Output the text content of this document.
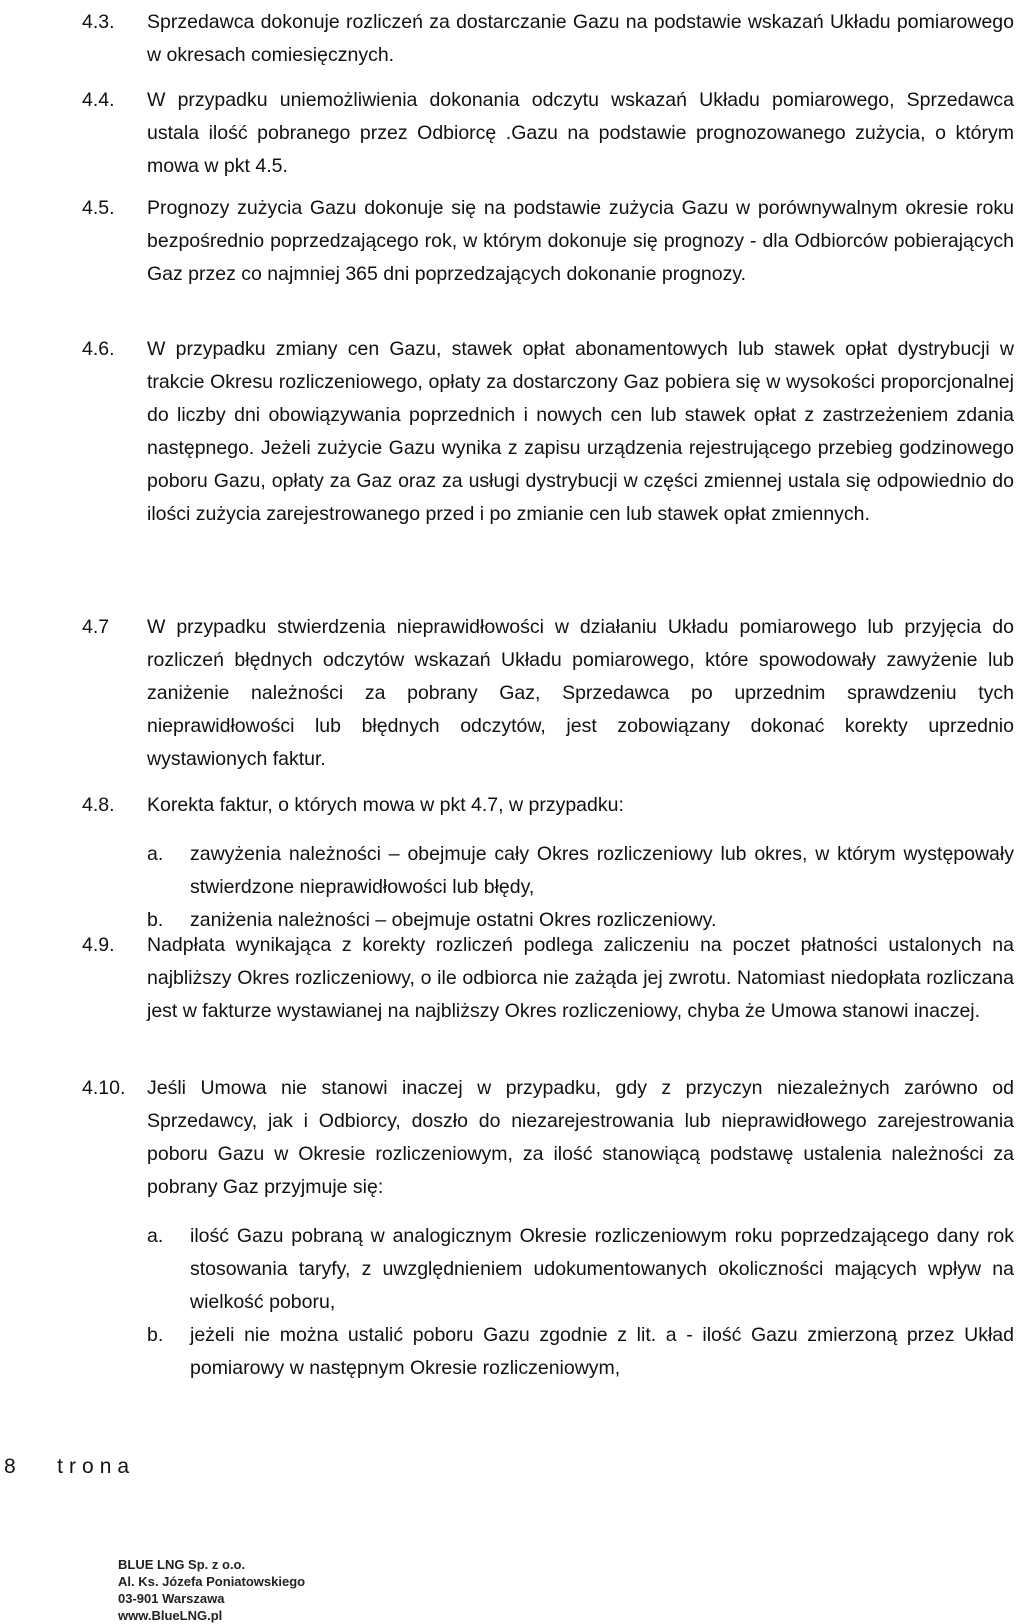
4.3.	Sprzedawca dokonuje rozliczeń za dostarczanie Gazu na podstawie wskazań Układu pomiarowego w okresach comiesięcznych.
4.4.	W przypadku uniemożliwienia dokonania odczytu wskazań Układu pomiarowego, Sprzedawca ustala ilość pobranego przez Odbiorcę .Gazu na podstawie prognozowanego zużycia, o którym mowa w pkt 4.5.
4.5.	Prognozy zużycia Gazu dokonuje się na podstawie zużycia Gazu w porównywalnym okresie roku bezpośrednio poprzedzającego rok, w którym dokonuje się prognozy - dla Odbiorców pobierających Gaz przez co najmniej 365 dni poprzedzających dokonanie prognozy.
4.6.	W przypadku zmiany cen Gazu, stawek opłat abonamentowych lub stawek opłat dystrybucji w trakcie Okresu rozliczeniowego, opłaty za dostarczony Gaz pobiera się w wysokości proporcjonalnej do liczby dni obowiązywania poprzednich i nowych cen lub stawek opłat z zastrzeżeniem zdania następnego. Jeżeli zużycie Gazu wynika z zapisu urządzenia rejestrującego przebieg godzinowego poboru Gazu, opłaty za Gaz oraz za usługi dystrybucji w części zmiennej ustala się odpowiednio do ilości zużycia zarejestrowanego przed i po zmianie cen lub stawek opłat zmiennych.
4.7	W przypadku stwierdzenia nieprawidłowości w działaniu Układu pomiarowego lub przyjęcia do rozliczeń błędnych odczytów wskazań Układu pomiarowego, które spowodowały zawyżenie lub zaniżenie należności za pobrany Gaz, Sprzedawca po uprzednim sprawdzeniu tych nieprawidłowości lub błędnych odczytów, jest zobowiązany dokonać korekty uprzednio wystawionych faktur.
4.8.	Korekta faktur, o których mowa w pkt 4.7, w przypadku:
a.	zawyżenia należności – obejmuje cały Okres rozliczeniowy lub okres, w którym występowały stwierdzone nieprawidłowości lub błędy,
b.	zaniżenia należności – obejmuje ostatni Okres rozliczeniowy.
4.9.	Nadpłata wynikająca z korekty rozliczeń podlega zaliczeniu na poczet płatności ustalonych na najbliższy Okres rozliczeniowy, o ile odbiorca nie zażąda jej zwrotu. Natomiast niedopłata rozliczana jest w fakturze wystawianej na najbliższy Okres rozliczeniowy, chyba że Umowa stanowi inaczej.
4.10.	Jeśli Umowa nie stanowi inaczej w przypadku, gdy z przyczyn niezależnych zarówno od Sprzedawcy, jak i Odbiorcy, doszło do niezarejestrowania lub nieprawidłowego zarejestrowania poboru Gazu w Okresie rozliczeniowym, za ilość stanowiącą podstawę ustalenia należności za pobrany Gaz przyjmuje się:
a.	ilość Gazu pobraną w analogicznym Okresie rozliczeniowym roku poprzedzającego dany rok stosowania taryfy, z uwzględnieniem udokumentowanych okoliczności mających wpływ na wielkość poboru,
b.	jeżeli nie można ustalić poboru Gazu zgodnie z lit. a - ilość Gazu zmierzoną przez Układ pomiarowy w następnym Okresie rozliczeniowym,
8   trona
BLUE LNG Sp. z o.o.
Al. Ks. Józefa Poniatowskiego
03-901 Warszawa
www.BlueLNG.pl
